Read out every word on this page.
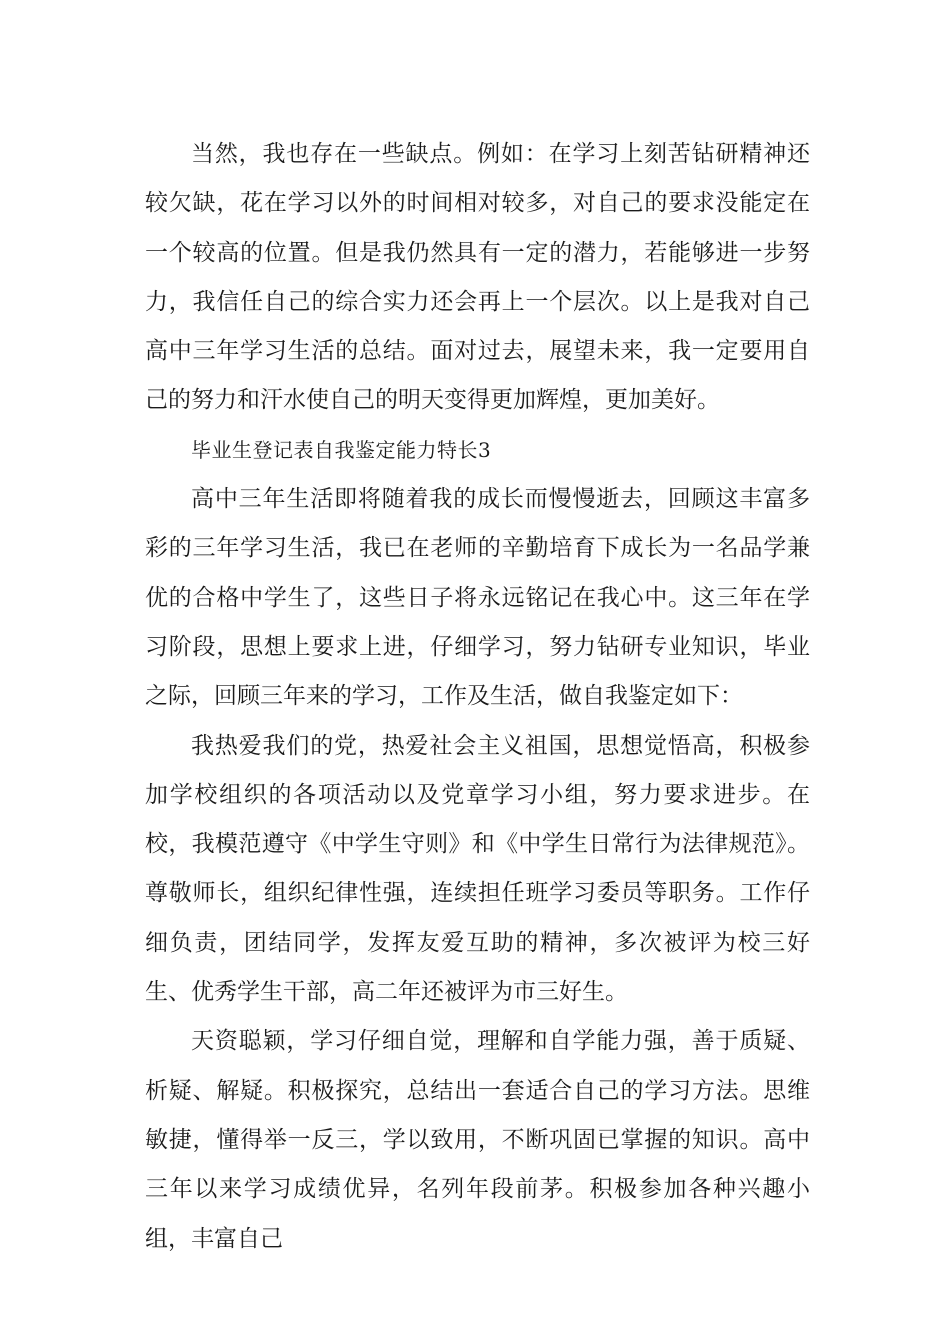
当然，我也存在一些缺点。例如：在学习上刻苦钻研精神还较欠缺，花在学习以外的时间相对较多，对自己的要求没能定在一个较高的位置。但是我仍然具有一定的潜力，若能够进一步努力，我信任自己的综合实力还会再上一个层次。以上是我对自己高中三年学习生活的总结。面对过去，展望未来，我一定要用自己的努力和汗水使自己的明天变得更加辉煌，更加美好。

毕业生登记表自我鉴定能力特长3

高中三年生活即将随着我的成长而慢慢逝去，回顾这丰富多彩的三年学习生活，我已在老师的辛勤培育下成长为一名品学兼优的合格中学生了，这些日子将永远铭记在我心中。这三年在学习阶段，思想上要求上进，仔细学习，努力钻研专业知识，毕业之际，回顾三年来的学习，工作及生活，做自我鉴定如下：

我热爱我们的党，热爱社会主义祖国，思想觉悟高，积极参加学校组织的各项活动以及党章学习小组，努力要求进步。在校，我模范遵守《中学生守则》和《中学生日常行为法律规范》。尊敬师长，组织纪律性强，连续担任班学习委员等职务。工作仔细负责，团结同学，发挥友爱互助的精神，多次被评为校三好生、优秀学生干部，高二年还被评为市三好生。

天资聪颖，学习仔细自觉，理解和自学能力强，善于质疑、析疑、解疑。积极探究，总结出一套适合自己的学习方法。思维敏捷，懂得举一反三，学以致用，不断巩固已掌握的知识。高中三年以来学习成绩优异，名列年段前茅。积极参加各种兴趣小组，丰富自己
